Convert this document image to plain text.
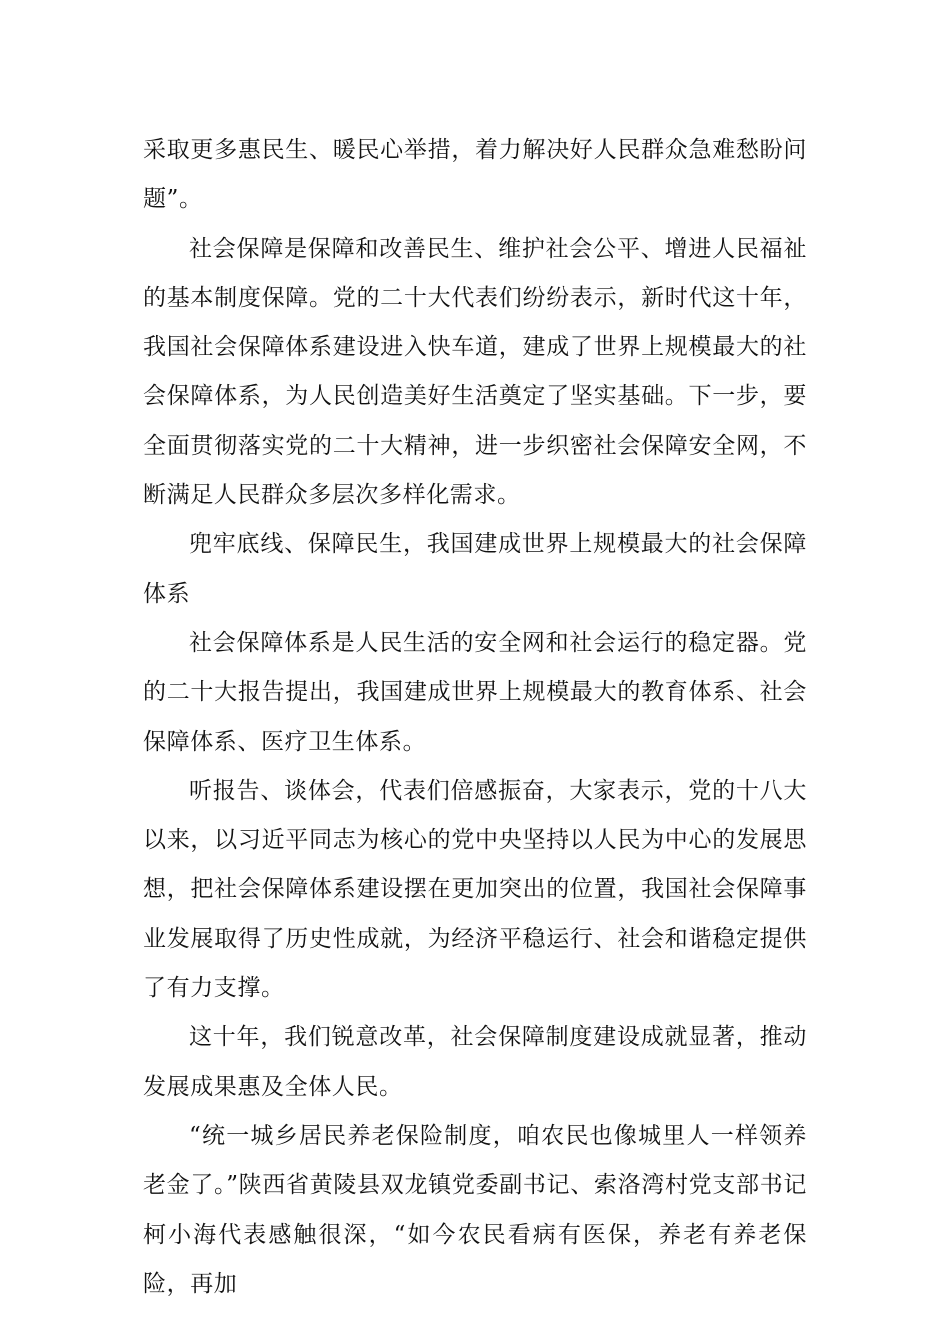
采取更多惠民生、暖民心举措，着力解决好人民群众急难愁盼问题”。

社会保障是保障和改善民生、维护社会公平、增进人民福祉的基本制度保障。党的二十大代表们纷纷表示，新时代这十年，我国社会保障体系建设进入快车道，建成了世界上规模最大的社会保障体系，为人民创造美好生活奠定了坚实基础。下一步，要全面贯彻落实党的二十大精神，进一步织密社会保障安全网，不断满足人民群众多层次多样化需求。

兜牢底线、保障民生，我国建成世界上规模最大的社会保障体系

社会保障体系是人民生活的安全网和社会运行的稳定器。党的二十大报告提出，我国建成世界上规模最大的教育体系、社会保障体系、医疗卫生体系。

听报告、谈体会，代表们倍感振奋，大家表示，党的十八大以来，以习近平同志为核心的党中央坚持以人民为中心的发展思想，把社会保障体系建设摆在更加突出的位置，我国社会保障事业发展取得了历史性成就，为经济平稳运行、社会和谐稳定提供了有力支撑。

这十年，我们锐意改革，社会保障制度建设成就显著，推动发展成果惠及全体人民。

“统一城乡居民养老保险制度，咱农民也像城里人一样领养老金了。”陕西省黄陵县双龙镇党委副书记、索洛湾村党支部书记柯小海代表感触很深，“如今农民看病有医保，养老有养老保险，再加
